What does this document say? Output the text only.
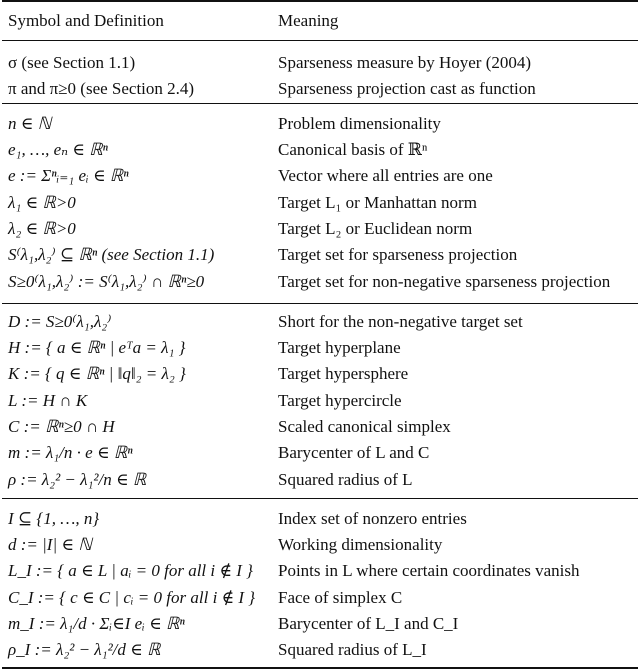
Symbol and Definition	Meaning
σ (see Section 1.1)	Sparseness measure by Hoyer (2004)
π and π≥0 (see Section 2.4)	Sparseness projection cast as function
n ∈ ℕ	Problem dimensionality
e₁, …, eₙ ∈ ℝⁿ	Canonical basis of ℝⁿ
e := Σⁿᵢ₌₁ eᵢ ∈ ℝⁿ	Vector where all entries are one
λ₁ ∈ ℝ>0	Target L₁ or Manhattan norm
λ₂ ∈ ℝ>0	Target L₂ or Euclidean norm
S⁽λ₁,λ₂⁾ ⊆ ℝⁿ (see Section 1.1)	Target set for sparseness projection
S≥0⁽λ₁,λ₂⁾ := S⁽λ₁,λ₂⁾ ∩ ℝⁿ≥0	Target set for non-negative sparseness projection
D := S≥0⁽λ₁,λ₂⁾	Short for the non-negative target set
H := { a ∈ ℝⁿ | eᵀa = λ₁ }	Target hyperplane
K := { q ∈ ℝⁿ | ‖q‖₂ = λ₂ }	Target hypersphere
L := H ∩ K	Target hypercircle
C := ℝⁿ≥0 ∩ H	Scaled canonical simplex
m := λ₁/n · e ∈ ℝⁿ	Barycenter of L and C
ρ := λ₂² − λ₁²/n ∈ ℝ	Squared radius of L
I ⊆ {1, …, n}	Index set of nonzero entries
d := |I| ∈ ℕ	Working dimensionality
L_I := { a ∈ L | aᵢ = 0 for all i ∉ I }	Points in L where certain coordinates vanish
C_I := { c ∈ C | cᵢ = 0 for all i ∉ I }	Face of simplex C
m_I := λ₁/d · Σᵢ∈I eᵢ ∈ ℝⁿ	Barycenter of L_I and C_I
ρ_I := λ₂² − λ₁²/d ∈ ℝ	Squared radius of L_I
